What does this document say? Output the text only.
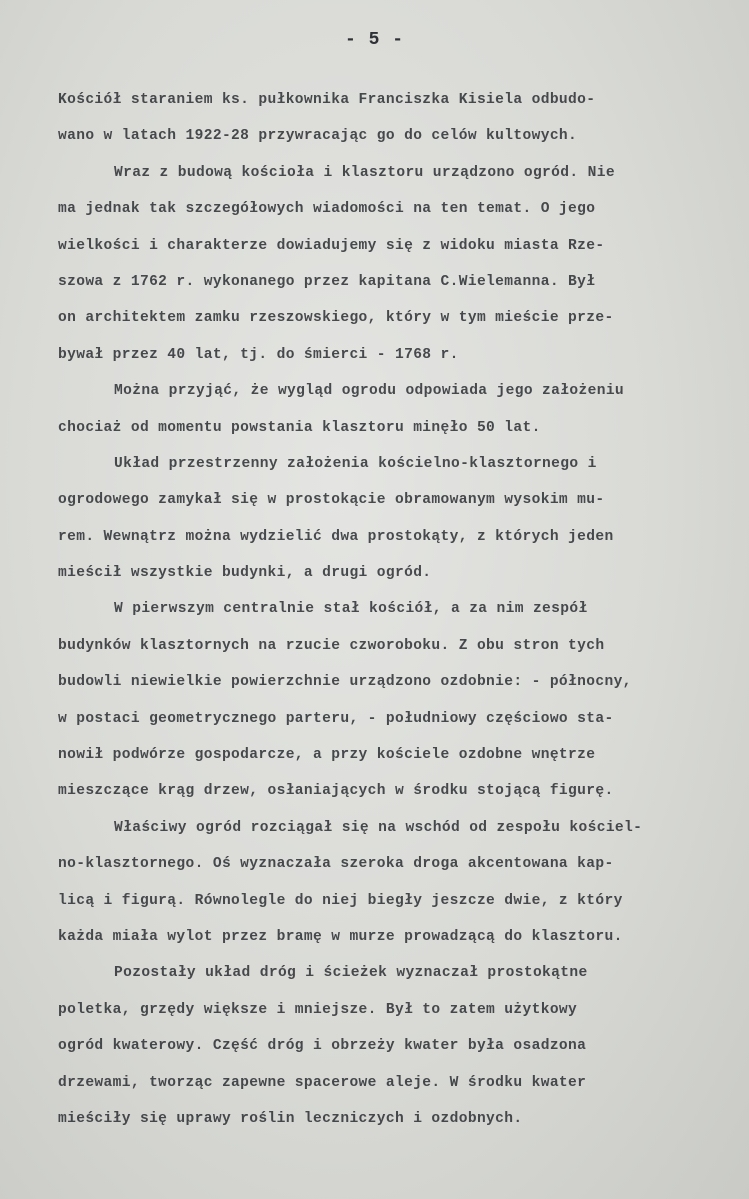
- 5 -
Kościół staraniem ks. pułkownika Franciszka Kisiela odbudo-
wano w latach 1922-28 przywracając go do celów kultowych.
Wraz z budową kościoła i klasztoru urządzono ogród. Nie
ma jednak tak szczegółowych wiadomości na ten temat. O jego
wielkości i charakterze dowiadujemy się z widoku miasta Rze-
szowa z 1762 r. wykonanego przez kapitana C.Wielemanna. Był
on architektem zamku rzeszowskiego, który w tym mieście prze-
bywał przez 40 lat, tj. do śmierci - 1768 r.
Można przyjąć, że wygląd ogrodu odpowiada jego założeniu
chociaż od momentu powstania klasztoru minęło 50 lat.
Układ przestrzenny założenia kościelno-klasztornego i
ogrodowego zamykał się w prostokącie obramowanym wysokim mu-
rem. Wewnątrz można wydzielić dwa prostokąty, z których jeden
mieścił wszystkie budynki, a drugi ogród.
W pierwszym centralnie stał kościół, a za nim zespół
budynków klasztornych na rzucie czworoboku. Z obu stron tych
budowli niewielkie powierzchnie urządzono ozdobnie: - północny,
w postaci geometrycznego parteru, - południowy częściowo sta-
nowił podwórze gospodarcze, a przy kościele ozdobne wnętrze
mieszczące krąg drzew, osłaniających w środku stojącą figurę.
Właściwy ogród rozciągał się na wschód od zespołu kościel-
no-klasztornego. Oś wyznaczała szeroka droga akcentowana kap-
licą i figurą. Równolegle do niej biegły jeszcze dwie, z który
każda miała wylot przez bramę w murze prowadzącą do klasztoru.
Pozostały układ dróg i ścieżek wyznaczał prostokątne
poletka, grzędy większe i mniejsze. Był to zatem użytkowy
ogród kwaterowy. Część dróg i obrzeży kwater była osadzona
drzewami, tworząc zapewne spacerowe aleje. W środku kwater
mieściły się uprawy roślin leczniczych i ozdobnych.
